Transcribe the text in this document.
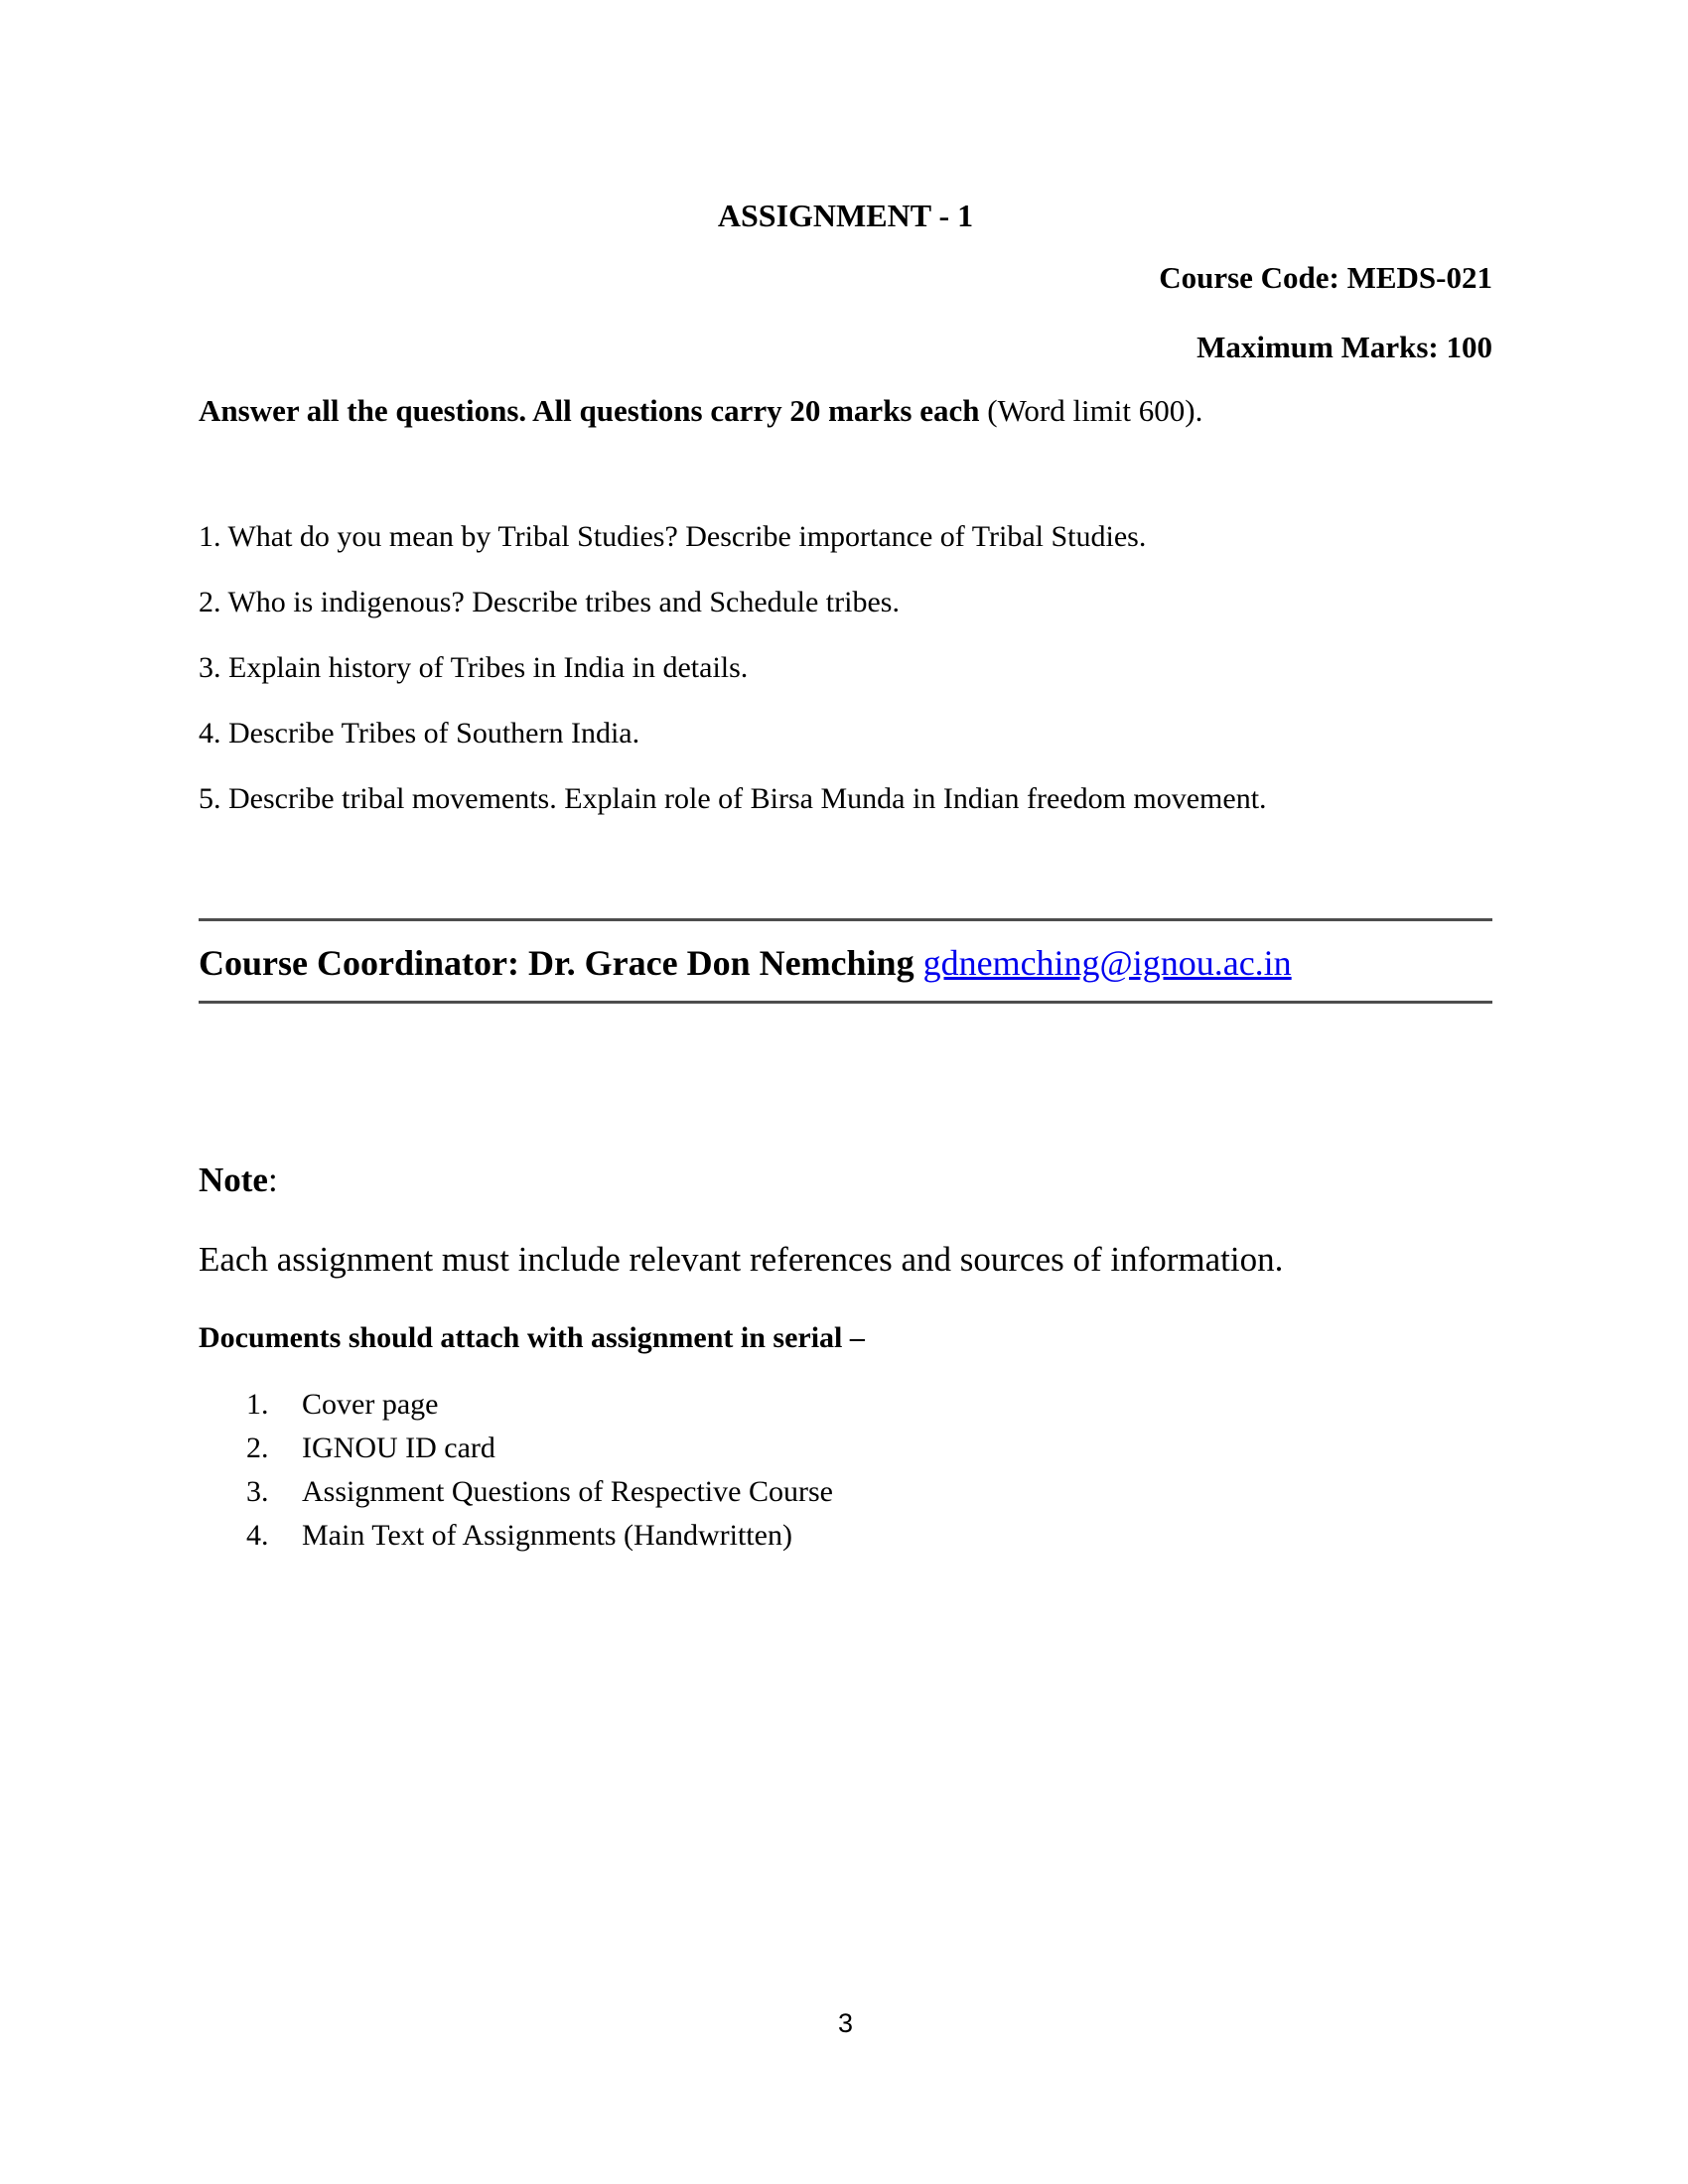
ASSIGNMENT - 1
Course Code: MEDS-021
Maximum Marks: 100
Answer all the questions. All questions carry 20 marks each (Word limit 600).

1. What do you mean by Tribal Studies? Describe importance of Tribal Studies.

2. Who is indigenous? Describe tribes and Schedule tribes.

3. Explain history of Tribes in India in details.

4. Describe Tribes of Southern India.

5. Describe tribal movements. Explain role of Birsa Munda in Indian freedom movement.

Course Coordinator: Dr. Grace Don Nemching gdnemching@ignou.ac.in
Note:
Each assignment must include relevant references and sources of information.
Documents should attach with assignment in serial –
1.	Cover page
2.	IGNOU ID card
3.	Assignment Questions of Respective Course
4.	Main Text of Assignments (Handwritten)
3
